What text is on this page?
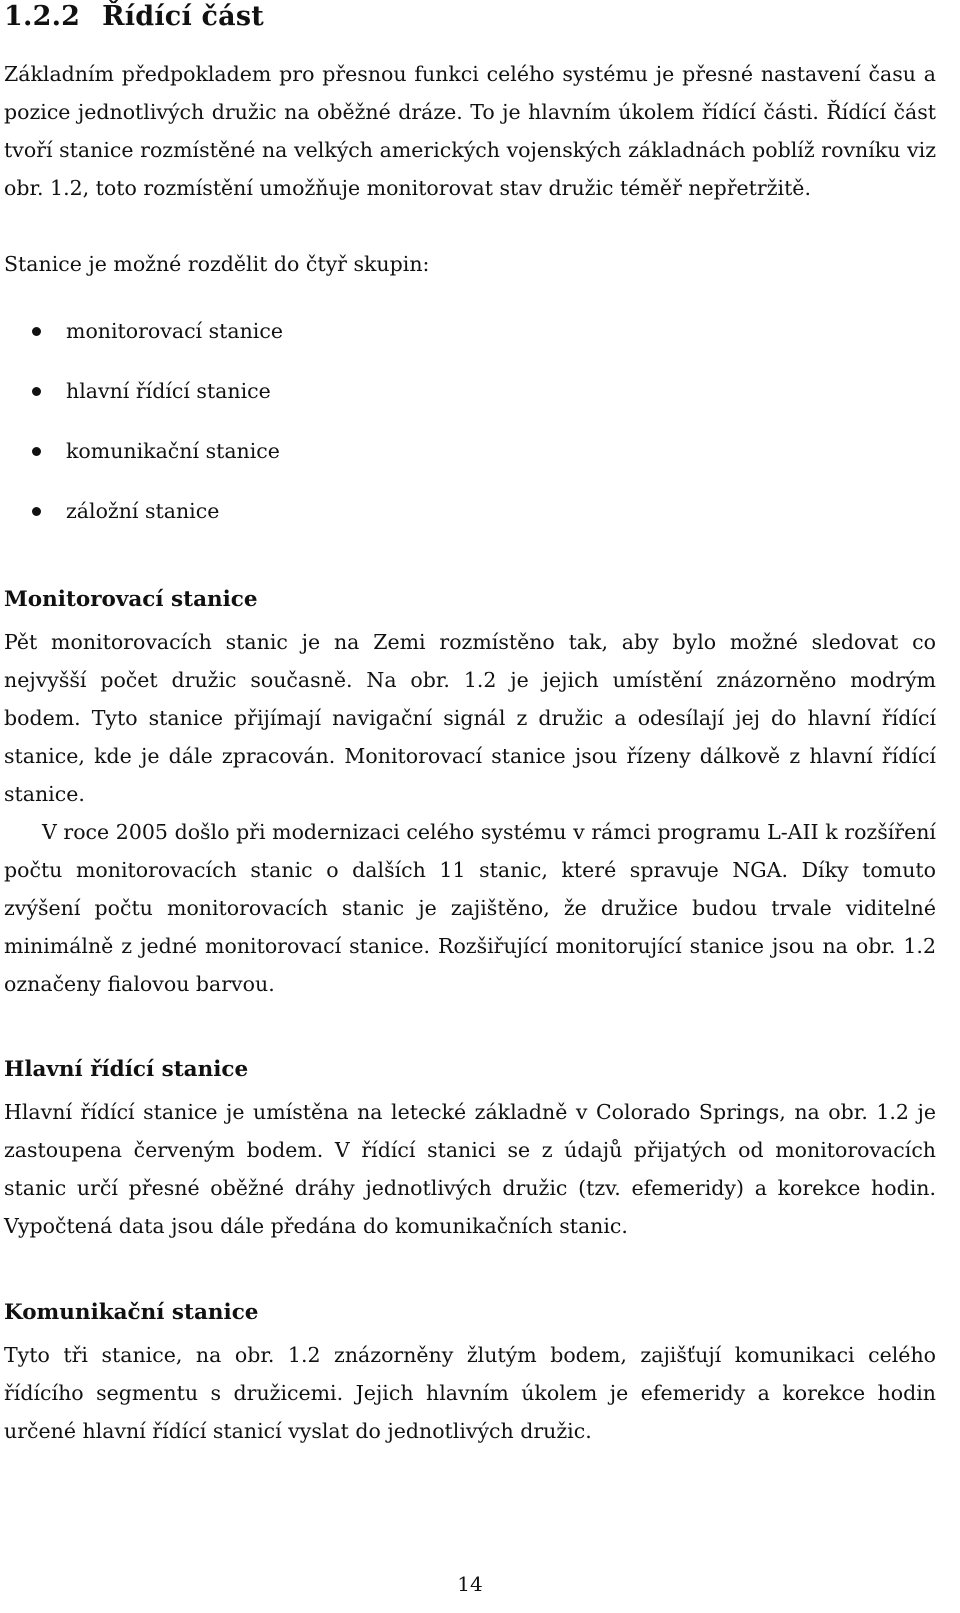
1.2.2 Řídící část

Základním předpokladem pro přesnou funkci celého systému je přesné nastavení času a pozice jednotlivých družic na oběžné dráze. To je hlavním úkolem řídící části. Řídící část tvoří stanice rozmístěné na velkých amerických vojenských základnách poblíž rovníku viz obr. 1.2, toto rozmístění umožňuje monitorovat stav družic téměř nepřetržitě.

Stanice je možné rozdělit do čtyř skupin:

monitorovací stanice
hlavní řídící stanice
komunikační stanice
záložní stanice
Monitorovací stanice

Pět monitorovacích stanic je na Zemi rozmístěno tak, aby bylo možné sledovat co nejvyšší počet družic současně. Na obr. 1.2 je jejich umístění znázorněno modrým bodem. Tyto stanice přijímají navigační signál z družic a odesílají jej do hlavní řídící stanice, kde je dále zpracován. Monitorovací stanice jsou řízeny dálkově z hlavní řídící stanice.

V roce 2005 došlo při modernizaci celého systému v rámci programu L-AII k rozšíření počtu monitorovacích stanic o dalších 11 stanic, které spravuje NGA. Díky tomuto zvýšení počtu monitorovacích stanic je zajištěno, že družice budou trvale viditelné minimálně z jedné monitorovací stanice. Rozšiřující monitorující stanice jsou na obr. 1.2 označeny fialovou barvou.

Hlavní řídící stanice

Hlavní řídící stanice je umístěna na letecké základně v Colorado Springs, na obr. 1.2 je zastoupena červeným bodem. V řídící stanici se z údajů přijatých od monitorovacích stanic určí přesné oběžné dráhy jednotlivých družic (tzv. efemeridy) a korekce hodin. Vypočtená data jsou dále předána do komunikačních stanic.

Komunikační stanice

Tyto tři stanice, na obr. 1.2 znázorněny žlutým bodem, zajišťují komunikaci celého řídícího segmentu s družicemi. Jejich hlavním úkolem je efemeridy a korekce hodin určené hlavní řídící stanicí vyslat do jednotlivých družic.

14
